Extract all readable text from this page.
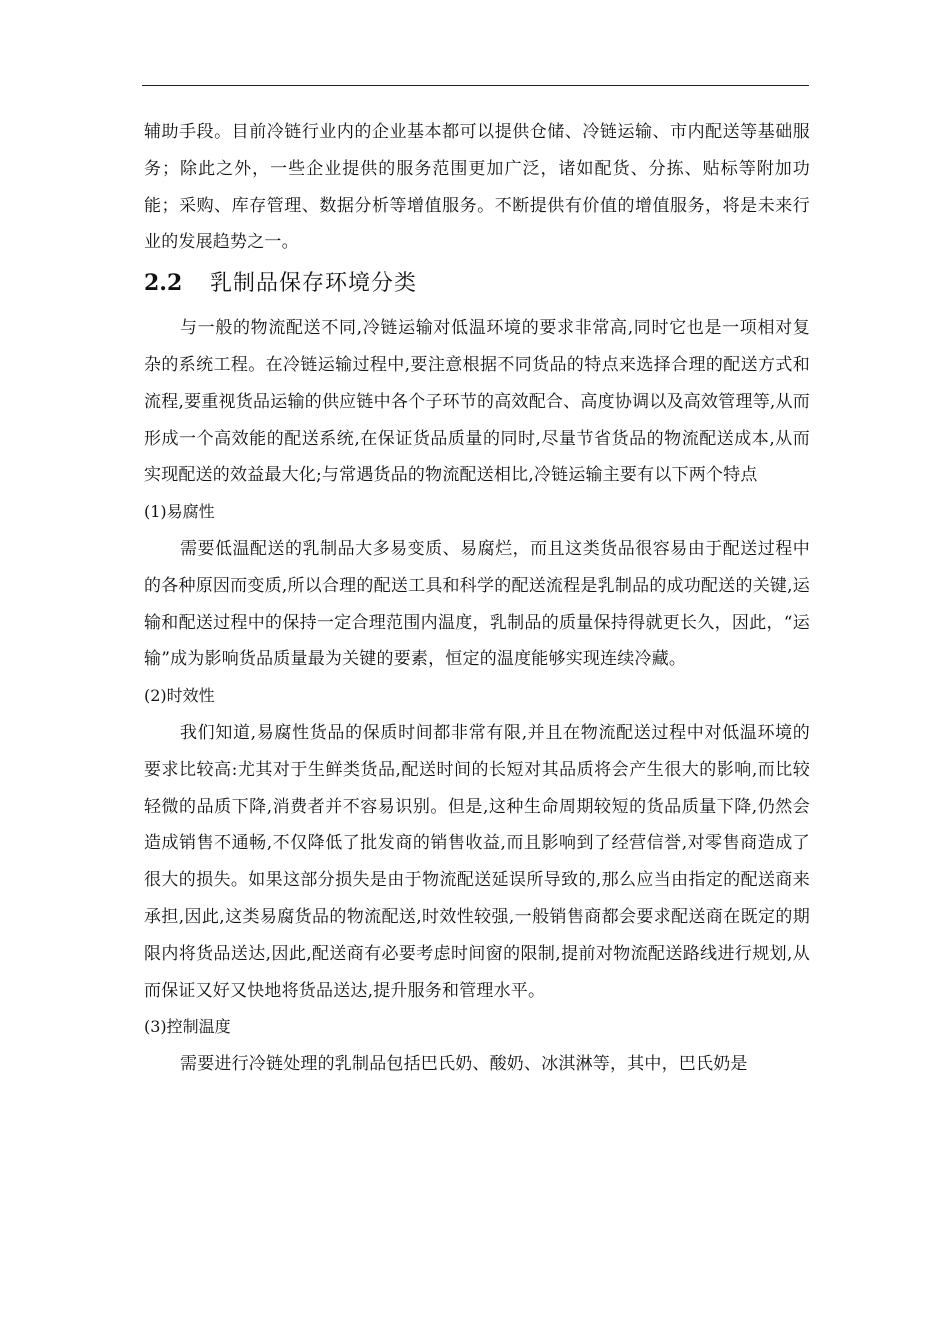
辅助手段。目前冷链行业内的企业基本都可以提供仓储、冷链运输、市内配送等基础服务；除此之外，一些企业提供的服务范围更加广泛，诸如配货、分拣、贴标等附加功能；采购、库存管理、数据分析等增值服务。不断提供有价值的增值服务，将是未来行业的发展趋势之一。

2.2	乳制品保存环境分类

与一般的物流配送不同,冷链运输对低温环境的要求非常高,同时它也是一项相对复杂的系统工程。在冷链运输过程中,要注意根据不同货品的特点来选择合理的配送方式和流程,要重视货品运输的供应链中各个子环节的高效配合、高度协调以及高效管理等,从而形成一个高效能的配送系统,在保证货品质量的同时,尽量节省货品的物流配送成本,从而实现配送的效益最大化;与常遇货品的物流配送相比,冷链运输主要有以下两个特点

(1)易腐性

需要低温配送的乳制品大多易变质、易腐烂，而且这类货品很容易由于配送过程中的各种原因而变质,所以合理的配送工具和科学的配送流程是乳制品的成功配送的关键,运输和配送过程中的保持一定合理范围内温度，乳制品的质量保持得就更长久，因此，“运输”成为影响货品质量最为关键的要素，恒定的温度能够实现连续冷藏。

(2)时效性

我们知道,易腐性货品的保质时间都非常有限,并且在物流配送过程中对低温环境的要求比较高:尤其对于生鲜类货品,配送时间的长短对其品质将会产生很大的影响,而比较轻微的品质下降,消费者并不容易识别。但是,这种生命周期较短的货品质量下降,仍然会造成销售不通畅,不仅降低了批发商的销售收益,而且影响到了经营信誉,对零售商造成了很大的损失。如果这部分损失是由于物流配送延误所导致的,那么应当由指定的配送商来承担,因此,这类易腐货品的物流配送,时效性较强,一般销售商都会要求配送商在既定的期限内将货品送达,因此,配送商有必要考虑时间窗的限制,提前对物流配送路线进行规划,从而保证又好又快地将货品送达,提升服务和管理水平。

(3)控制温度

需要进行冷链处理的乳制品包括巴氏奶、酸奶、冰淇淋等，其中，巴氏奶是
